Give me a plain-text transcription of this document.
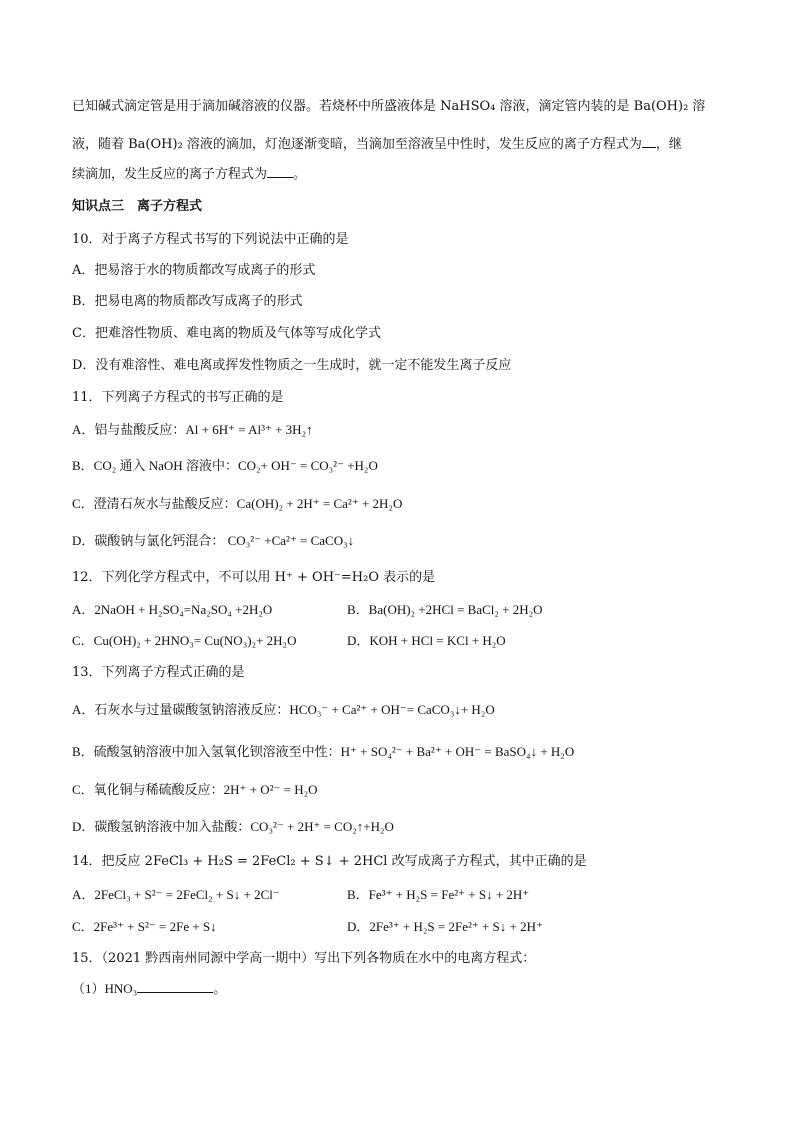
已知碱式滴定管是用于滴加碱溶液的仪器。若烧杯中所盛液体是 NaHSO₄ 溶液，滴定管内装的是 Ba(OH)₂ 溶
液，随着 Ba(OH)₂ 溶液的滴加，灯泡逐渐变暗，当滴加至溶液呈中性时，发生反应的离子方程式为 ，继
续滴加，发生反应的离子方程式为 。
知识点三　离子方程式
10．对于离子方程式书写的下列说法中正确的是
A．把易溶于水的物质都改写成离子的形式
B．把易电离的物质都改写成离子的形式
C．把难溶性物质、难电离的物质及气体等写成化学式
D．没有难溶性、难电离或挥发性物质之一生成时，就一定不能发生离子反应
11．下列离子方程式的书写正确的是
A．铝与盐酸反应：Al + 6H⁺ = Al³⁺ + 3H₂↑
B．CO₂ 通入 NaOH 溶液中：CO₂+ OH⁻ = CO₃²⁻ +H₂O
C．澄清石灰水与盐酸反应：Ca(OH)₂ + 2H⁺ = Ca²⁺ + 2H₂O
D．碳酸钠与氯化钙混合： CO₃²⁻ +Ca²⁺ = CaCO₃↓
12．下列化学方程式中，不可以用 H⁺ + OH⁻=H₂O 表示的是
A．2NaOH + H₂SO₄=Na₂SO₄ +2H₂O	B．Ba(OH)₂ +2HCl = BaCl₂ + 2H₂O
C．Cu(OH)₂ + 2HNO₃= Cu(NO₃)₂+ 2H₂O	D．KOH + HCl = KCl + H₂O
13．下列离子方程式正确的是
A．石灰水与过量碳酸氢钠溶液反应：HCO₃⁻ + Ca²⁺ + OH⁻= CaCO₃↓+ H₂O
B．硫酸氢钠溶液中加入氢氧化钡溶液至中性：H⁺ + SO₄²⁻ + Ba²⁺ + OH⁻ = BaSO₄↓ + H₂O
C．氧化铜与稀硫酸反应：2H⁺ + O²⁻ = H₂O
D．碳酸氢钠溶液中加入盐酸：CO₃²⁻ + 2H⁺ = CO₂↑+H₂O
14．把反应 2FeCl₃ + H₂S = 2FeCl₂ + S↓ + 2HCl 改写成离子方程式，其中正确的是
A．2FeCl₃ + S²⁻ = 2FeCl₂ + S↓ + 2Cl⁻	B．Fe³⁺ + H₂S = Fe²⁺ + S↓ + 2H⁺
C．2Fe³⁺ + S²⁻ = 2Fe + S↓	D．2Fe³⁺ + H₂S = 2Fe²⁺ + S↓ + 2H⁺
15．（2021 黔西南州同源中学高一期中）写出下列各物质在水中的电离方程式：
（1）HNO₃	。
